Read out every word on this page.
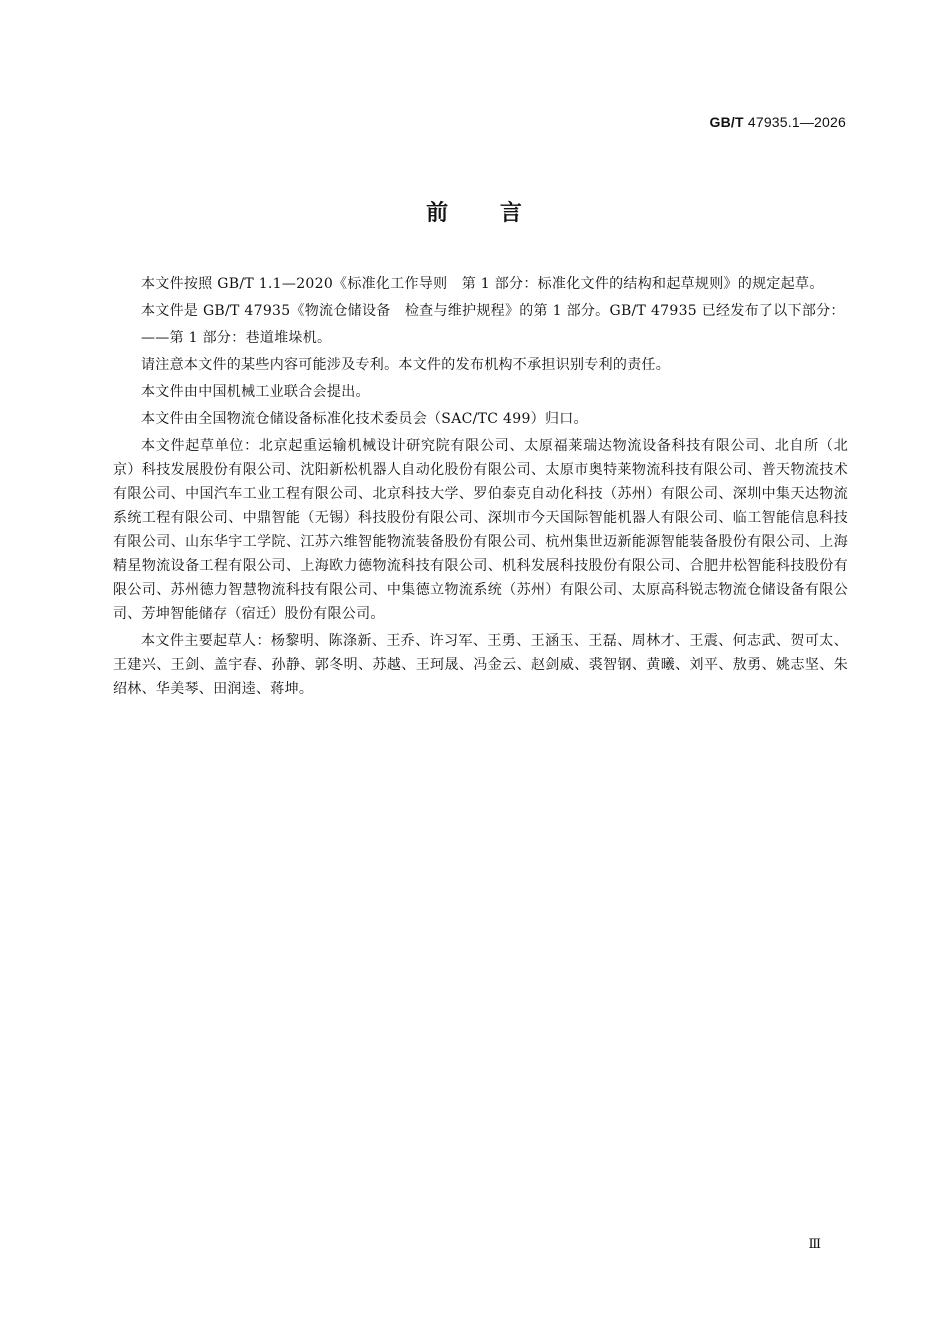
GB/T 47935.1—2026
前 言

本文件按照 GB/T 1.1—2020《标准化工作导则　第 1 部分：标准化文件的结构和起草规则》的规定起草。

本文件是 GB/T 47935《物流仓储设备　检查与维护规程》的第 1 部分。GB/T 47935 已经发布了以下部分：

——第 1 部分：巷道堆垛机。

请注意本文件的某些内容可能涉及专利。本文件的发布机构不承担识别专利的责任。

本文件由中国机械工业联合会提出。

本文件由全国物流仓储设备标准化技术委员会（SAC/TC 499）归口。

本文件起草单位：北京起重运输机械设计研究院有限公司、太原福莱瑞达物流设备科技有限公司、北自所（北京）科技发展股份有限公司、沈阳新松机器人自动化股份有限公司、太原市奥特莱物流科技有限公司、普天物流技术有限公司、中国汽车工业工程有限公司、北京科技大学、罗伯泰克自动化科技（苏州）有限公司、深圳中集天达物流系统工程有限公司、中鼎智能（无锡）科技股份有限公司、深圳市今天国际智能机器人有限公司、临工智能信息科技有限公司、山东华宇工学院、江苏六维智能物流装备股份有限公司、杭州集世迈新能源智能装备股份有限公司、上海精星物流设备工程有限公司、上海欧力德物流科技有限公司、机科发展科技股份有限公司、合肥井松智能科技股份有限公司、苏州德力智慧物流科技有限公司、中集德立物流系统（苏州）有限公司、太原高科锐志物流仓储设备有限公司、芳坤智能储存（宿迁）股份有限公司。

本文件主要起草人：杨黎明、陈涤新、王乔、许习军、王勇、王涵玉、王磊、周林才、王震、何志武、贺可太、王建兴、王剑、盖宇春、孙静、郭冬明、苏越、王珂晟、冯金云、赵剑威、裘智钢、黄曦、刘平、敖勇、姚志坚、朱绍林、华美琴、田润逵、蒋坤。

Ⅲ
